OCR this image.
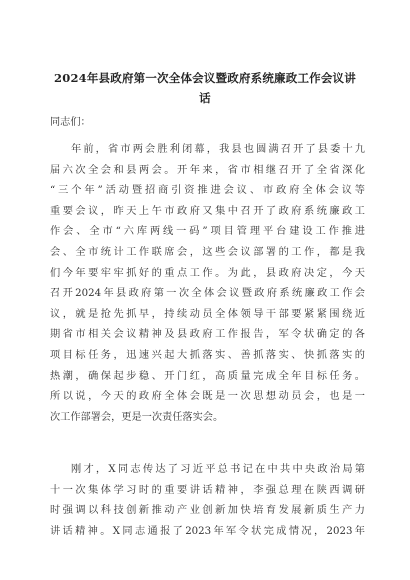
2024年县政府第一次全体会议暨政府系统廉政工作会议讲
话
同志们：
年前，省市两会胜利闭幕，我县也圆满召开了县委十九
届六次全会和县两会。开年来，省市相继召开了全省深化
“三个年”活动暨招商引资推进会议、市政府全体会议等
重要会议，昨天上午市政府又集中召开了政府系统廉政工
作会、全市“六库两线一码”项目管理平台建设工作推进
会、全市统计工作联席会，这些会议部署的工作，都是我
们今年要牢牢抓好的重点工作。为此，县政府决定，今天
召开2024年县政府第一次全体会议暨政府系统廉政工作会
议，就是抢先抓早，持续动员全体领导干部要紧紧围绕近
期省市相关会议精神及县政府工作报告，军令状确定的各
项目标任务，迅速兴起大抓落实、善抓落实、快抓落实的
热潮，确保起步稳、开门红，高质量完成全年目标任务。
所以说，今天的政府全体会既是一次思想动员会，也是一
次工作部署会，更是一次责任落实会。
刚才，X同志传达了习近平总书记在中共中央政治局第
十一次集体学习时的重要讲话精神，李强总理在陕西调研
时强调以科技创新推动产业创新加快培育发展新质生产力
讲话精神。X同志通报了2023年军令状完成情况，2023年
